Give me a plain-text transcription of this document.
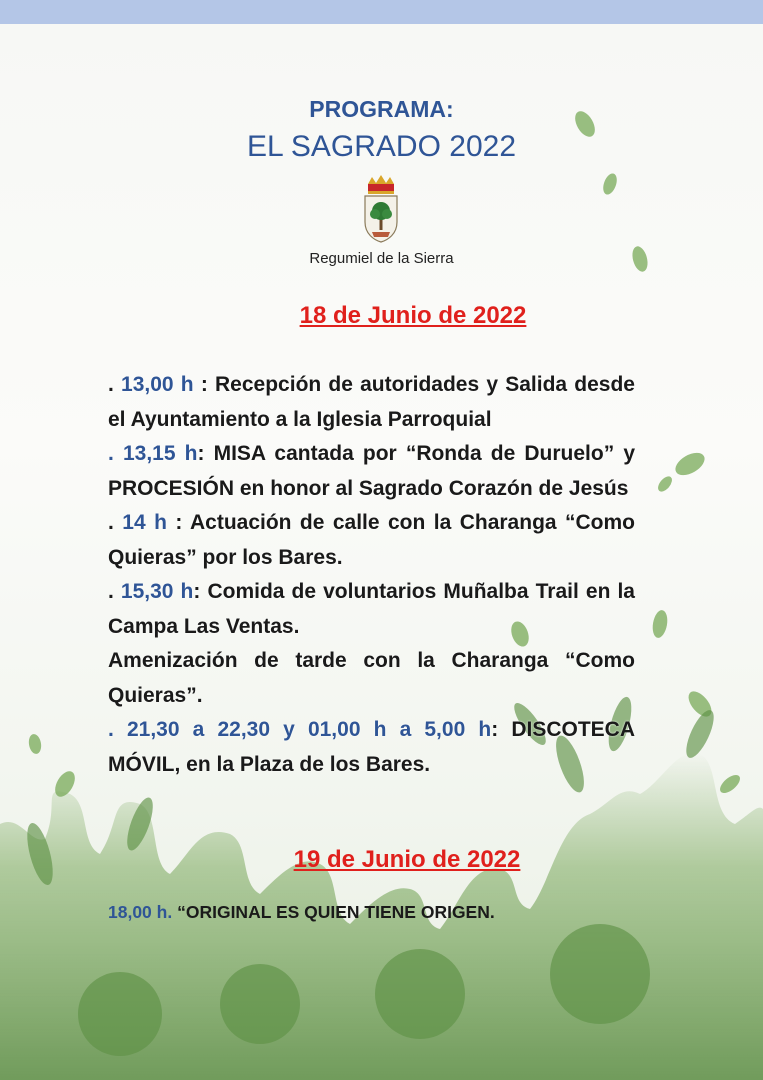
PROGRAMA:
EL SAGRADO 2022
Regumiel de la Sierra
18 de Junio de 2022

. 13,00 h : Recepción de autoridades y Salida desde el Ayuntamiento a la Iglesia Parroquial

. 13,15 h: MISA cantada por “Ronda de Duruelo” y PROCESIÓN en honor al Sagrado Corazón de Jesús

. 14 h : Actuación de calle con la Charanga “Como Quieras” por los Bares.

. 15,30 h: Comida de voluntarios Muñalba Trail en la Campa Las Ventas.

Amenización de tarde con la Charanga “Como Quieras”.

. 21,30 a 22,30 y 01,00 h a 5,00 h: DISCOTECA MÓVIL, en la Plaza de los Bares.

19 de Junio de 2022
18,00 h. “ORIGINAL ES QUIEN TIENE ORIGEN.
